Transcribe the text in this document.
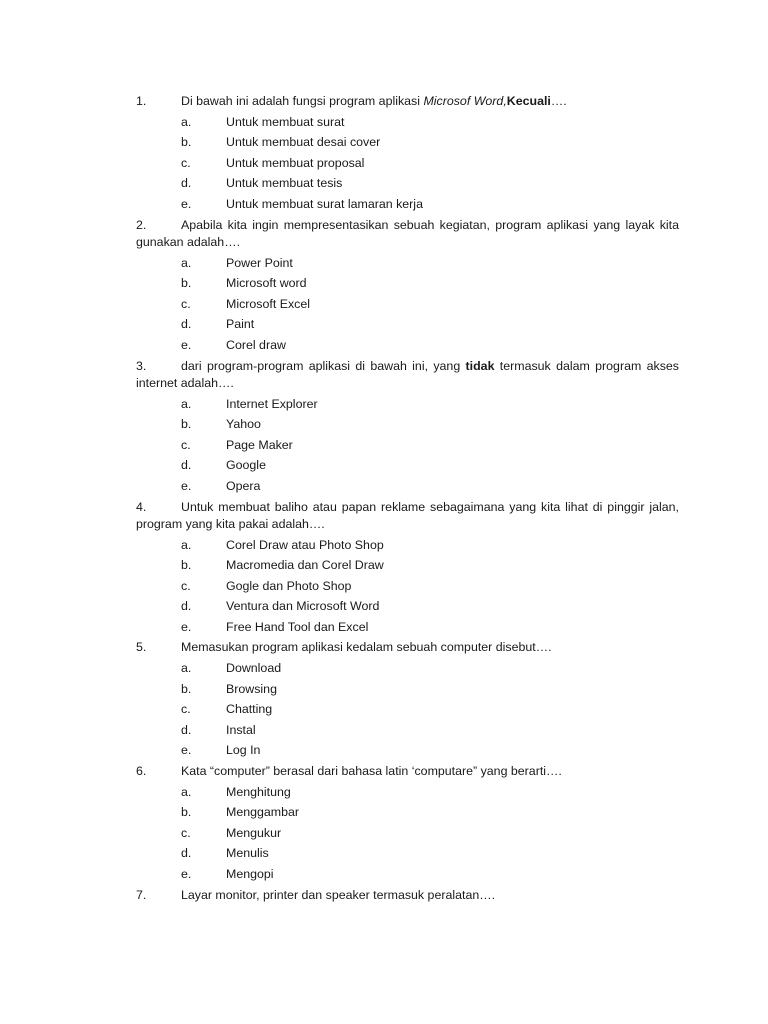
1.	Di bawah ini adalah fungsi program aplikasi Microsof Word,Kecuali….
a.	Untuk membuat surat
b.	Untuk membuat desai cover
c.	Untuk membuat proposal
d.	Untuk membuat tesis
e.	Untuk membuat surat lamaran kerja
2.	Apabila kita ingin mempresentasikan sebuah kegiatan, program aplikasi yang layak kita gunakan adalah….
a.	Power Point
b.	Microsoft word
c.	Microsoft Excel
d.	Paint
e.	Corel draw
3.	dari program-program aplikasi di bawah ini, yang tidak termasuk dalam program akses internet adalah….
a.	Internet Explorer
b.	Yahoo
c.	Page Maker
d.	Google
e.	Opera
4.	Untuk membuat baliho atau papan reklame sebagaimana yang kita lihat di pinggir jalan, program yang kita pakai adalah….
a.	Corel Draw atau Photo Shop
b.	Macromedia dan Corel Draw
c.	Gogle dan Photo Shop
d.	Ventura dan Microsoft Word
e.	Free Hand Tool dan Excel
5.	Memasukan program aplikasi kedalam sebuah computer disebut….
a.	Download
b.	Browsing
c.	Chatting
d.	Instal
e.	Log In
6.	Kata “computer” berasal dari bahasa latin ‘computare” yang berarti….
a.	Menghitung
b.	Menggambar
c.	Mengukur
d.	Menulis
e.	Mengopi
7.	Layar monitor, printer dan speaker termasuk peralatan….
